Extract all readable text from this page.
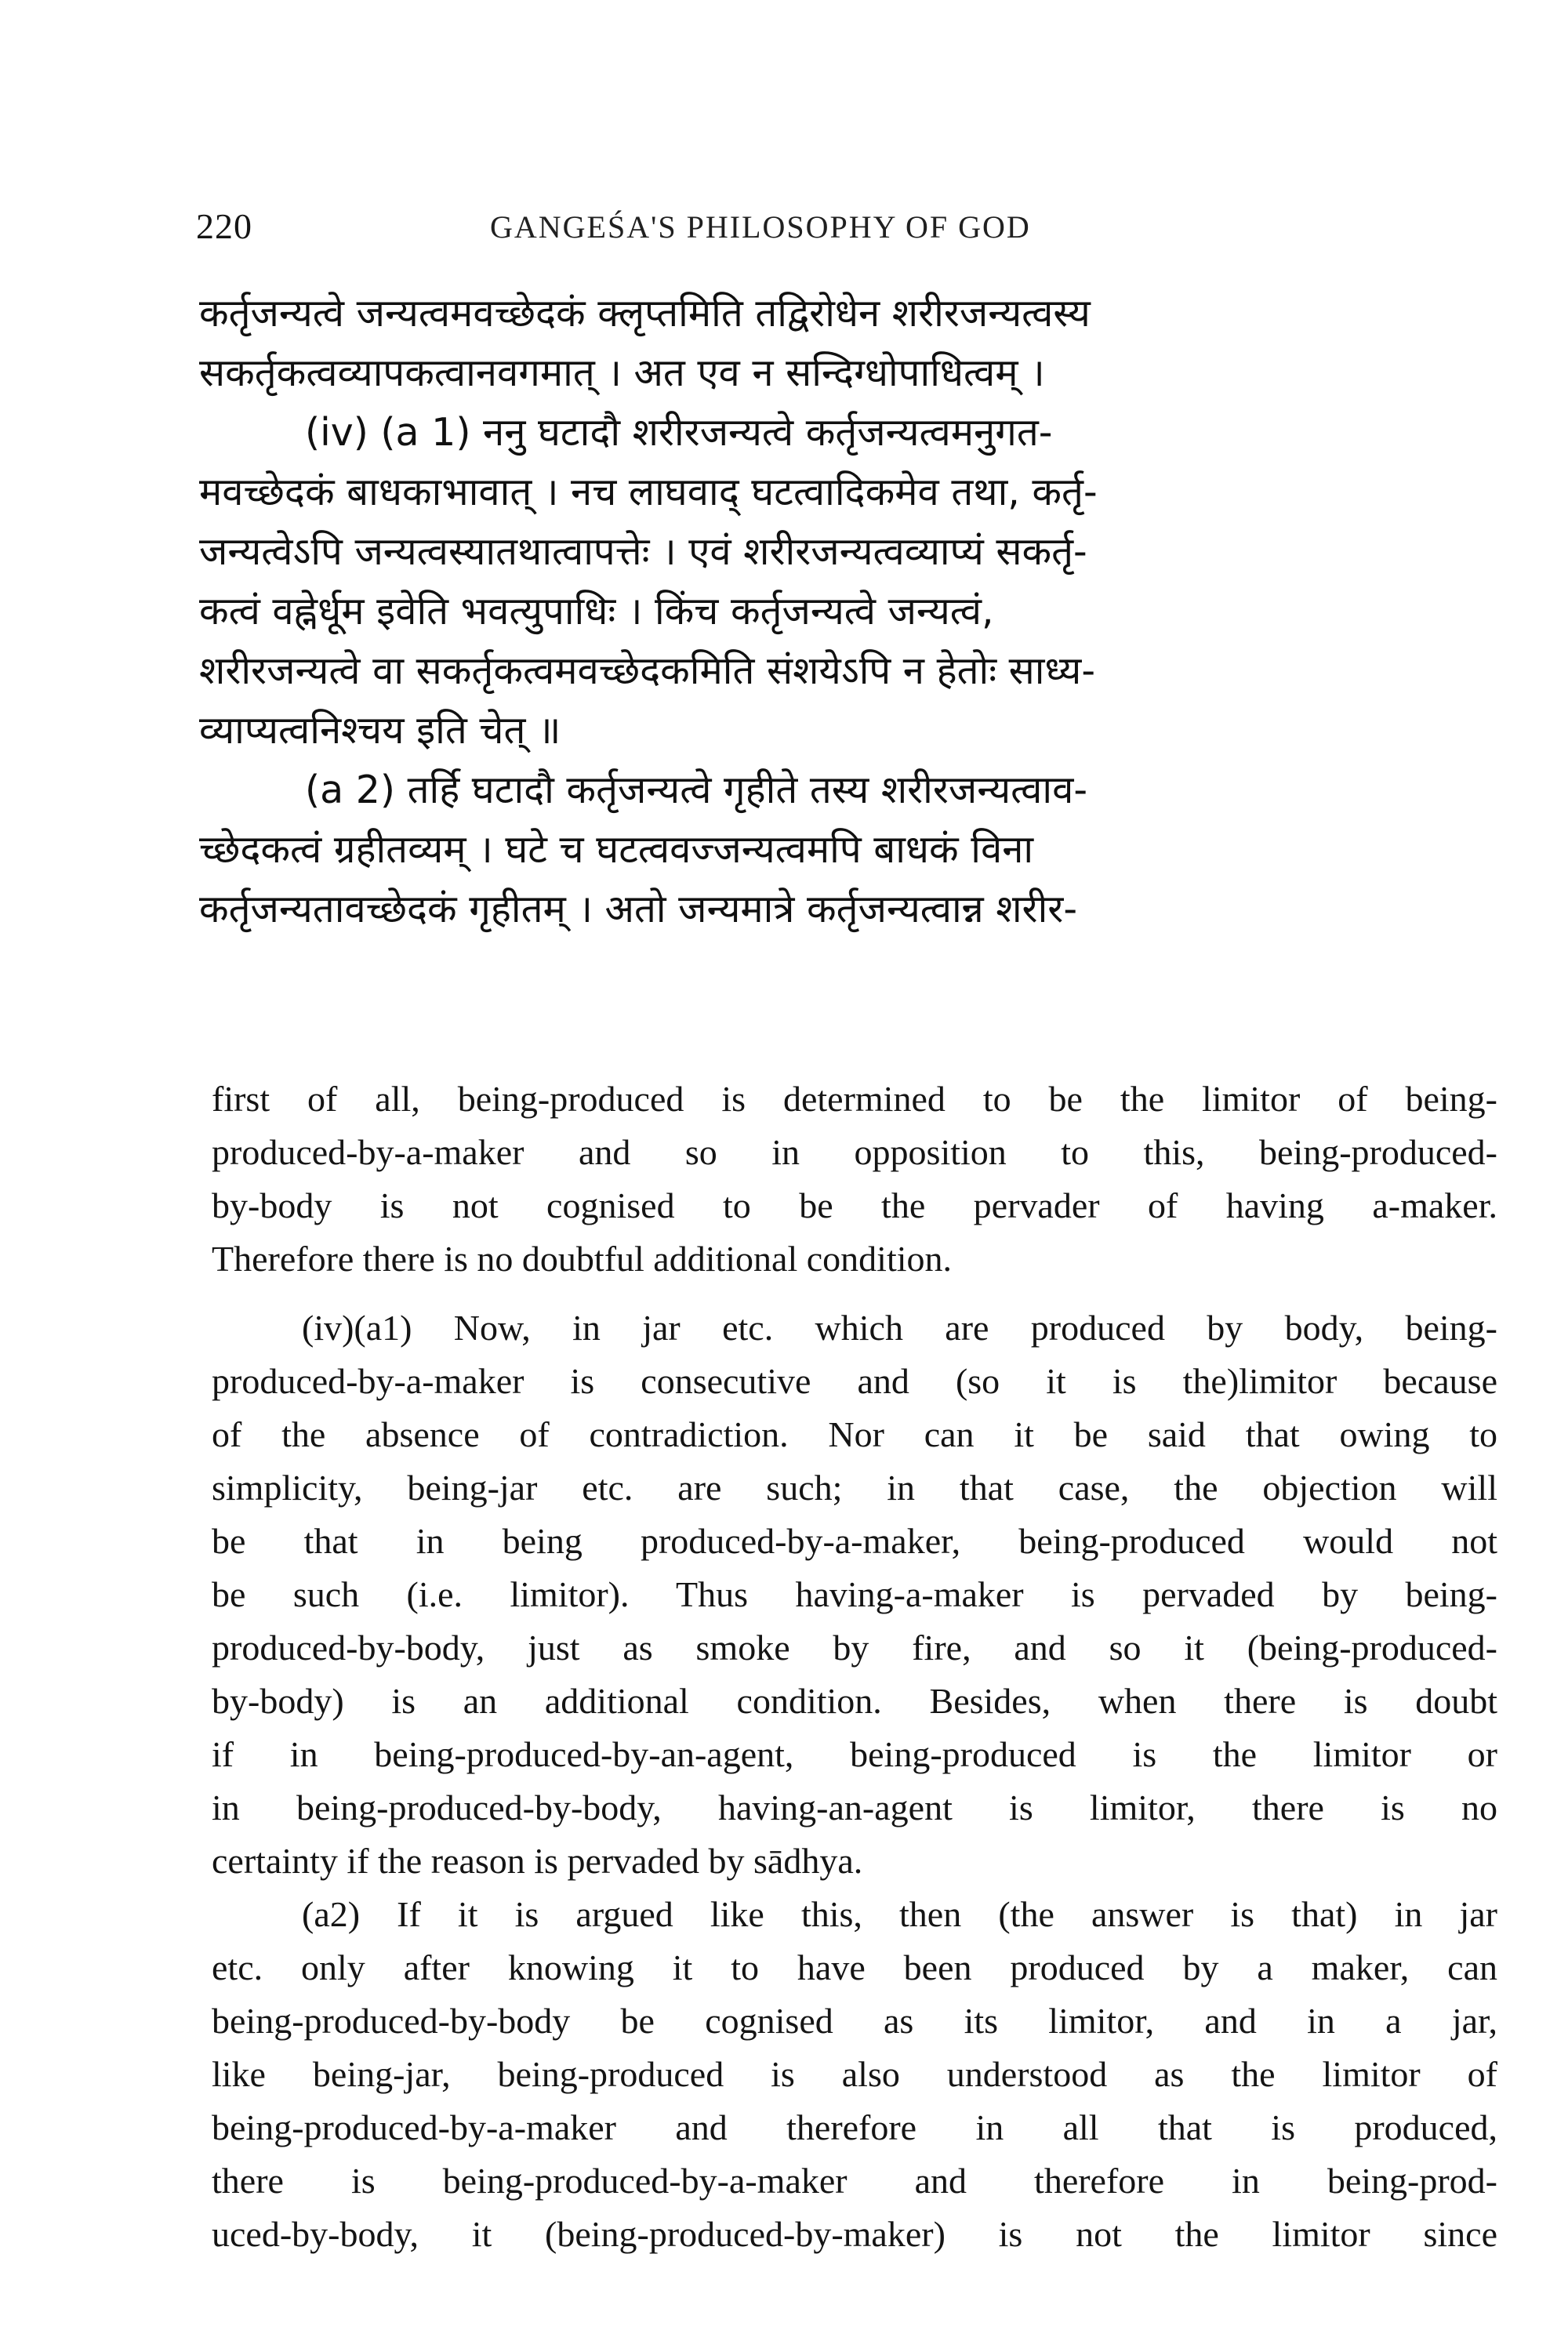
220	GANGEŚA'S PHILOSOPHY OF GOD
कर्तृजन्यत्वे जन्यत्वमवच्छेदकं क्लृप्तमिति तद्विरोधेन शरीरजन्यत्वस्य
सकर्तृकत्वव्यापकत्वानवगमात् । अत एव न सन्दिग्धोपाधित्वम् ।
(iv) (a 1) ननु घटादौ शरीरजन्यत्वे कर्तृजन्यत्वमनुगत-
मवच्छेदकं बाधकाभावात् । नच लाघवाद् घटत्वादिकमेव तथा, कर्तृ-
जन्यत्वेऽपि जन्यत्वस्यातथात्वापत्तेः । एवं शरीरजन्यत्वव्याप्यं सकर्तृ-
कत्वं वह्नेर्धूम इवेति भवत्युपाधिः । किंच कर्तृजन्यत्वे जन्यत्वं,
शरीरजन्यत्वे वा सकर्तृकत्वमवच्छेदकमिति संशयेऽपि न हेतोः साध्य-
व्याप्यत्वनिश्चय इति चेत् ॥
(a 2) तर्हि घटादौ कर्तृजन्यत्वे गृहीते तस्य शरीरजन्यत्वाव-
च्छेदकत्वं ग्रहीतव्यम् । घटे च घटत्ववज्जन्यत्वमपि बाधकं विना
कर्तृजन्यतावच्छेदकं गृहीतम् । अतो जन्यमात्रे कर्तृजन्यत्वान्न शरीर-
first of all, being-produced is determined to be the limitor of being-
produced-by-a-maker and so in opposition to this, being-produced-
by-body is not cognised to be the pervader of having a-maker.
Therefore there is no doubtful additional condition.
(iv)(a1) Now, in jar etc. which are produced by body, being-
produced-by-a-maker is consecutive and (so it is the)limitor because
of the absence of contradiction. Nor can it be said that owing to
simplicity, being-jar etc. are such; in that case, the objection will
be that in being produced-by-a-maker, being-produced would not
be such (i.e. limitor). Thus having-a-maker is pervaded by being-
produced-by-body, just as smoke by fire, and so it (being-produced-
by-body) is an additional condition. Besides, when there is doubt
if in being-produced-by-an-agent, being-produced is the limitor or
in being-produced-by-body, having-an-agent is limitor, there is no
certainty if the reason is pervaded by sādhya.
(a2) If it is argued like this, then (the answer is that) in jar
etc. only after knowing it to have been produced by a maker, can
being-produced-by-body be cognised as its limitor, and in a jar,
like being-jar, being-produced is also understood as the limitor of
being-produced-by-a-maker and therefore in all that is produced,
there is being-produced-by-a-maker and therefore in being-prod-
uced-by-body, it (being-produced-by-maker) is not the limitor since
